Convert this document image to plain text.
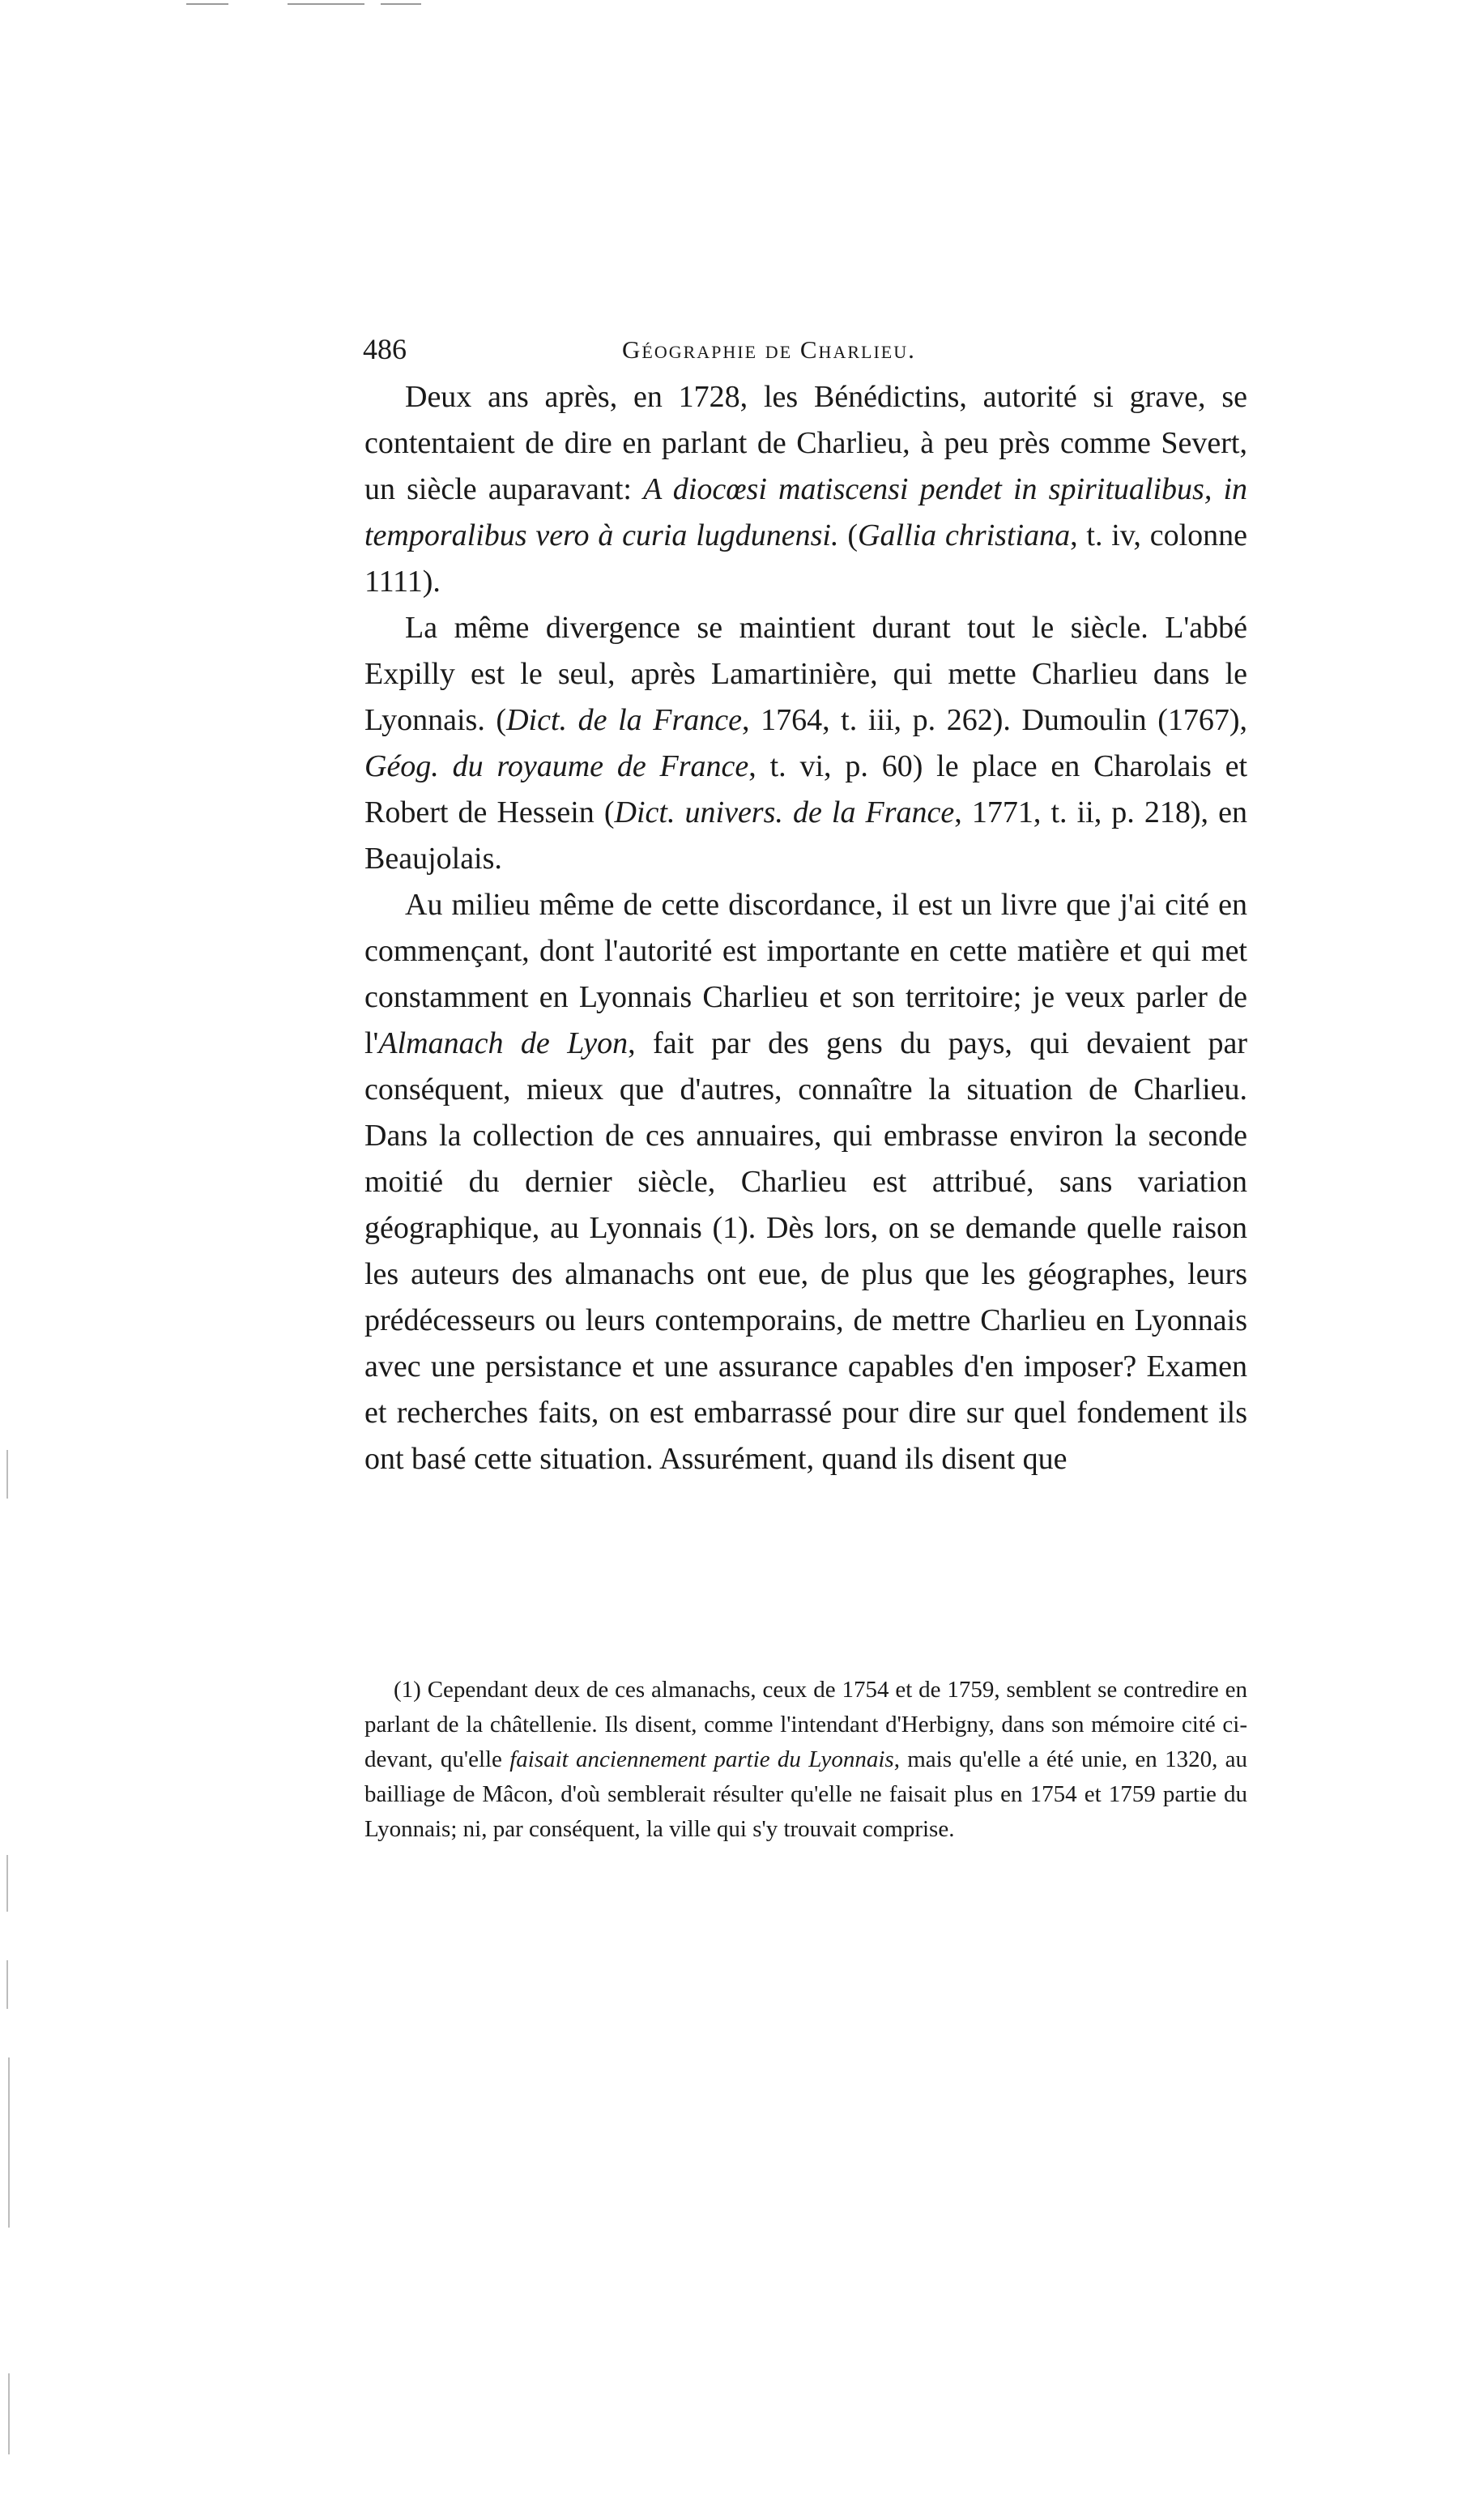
486	Géographie de Charlieu.

Deux ans après, en 1728, les Bénédictins, autorité si grave, se contentaient de dire en parlant de Charlieu, à peu près comme Severt, un siècle auparavant: A diocœsi matiscensi pendet in spiritualibus, in temporalibus vero à curia lugdunensi. (Gallia christiana, t. iv, colonne 1111).

La même divergence se maintient durant tout le siècle. L'abbé Expilly est le seul, après Lamartinière, qui mette Charlieu dans le Lyonnais. (Dict. de la France, 1764, t. iii, p. 262). Dumoulin (1767), Géog. du royaume de France, t. vi, p. 60) le place en Charolais et Robert de Hessein (Dict. univers. de la France, 1771, t. ii, p. 218), en Beaujolais.

Au milieu même de cette discordance, il est un livre que j'ai cité en commençant, dont l'autorité est importante en cette matière et qui met constamment en Lyonnais Charlieu et son territoire; je veux parler de l'Almanach de Lyon, fait par des gens du pays, qui devaient par conséquent, mieux que d'autres, connaître la situation de Charlieu. Dans la collection de ces annuaires, qui embrasse environ la seconde moitié du dernier siècle, Charlieu est attribué, sans variation géographique, au Lyonnais (1). Dès lors, on se demande quelle raison les auteurs des almanachs ont eue, de plus que les géographes, leurs prédécesseurs ou leurs contemporains, de mettre Charlieu en Lyonnais avec une persistance et une assurance capables d'en imposer? Examen et recherches faits, on est embarrassé pour dire sur quel fondement ils ont basé cette situation. Assurément, quand ils disent que

(1) Cependant deux de ces almanachs, ceux de 1754 et de 1759, semblent se contredire en parlant de la châtellenie. Ils disent, comme l'intendant d'Herbigny, dans son mémoire cité ci-devant, qu'elle faisait anciennement partie du Lyonnais, mais qu'elle a été unie, en 1320, au bailliage de Mâcon, d'où semblerait résulter qu'elle ne faisait plus en 1754 et 1759 partie du Lyonnais; ni, par conséquent, la ville qui s'y trouvait comprise.
